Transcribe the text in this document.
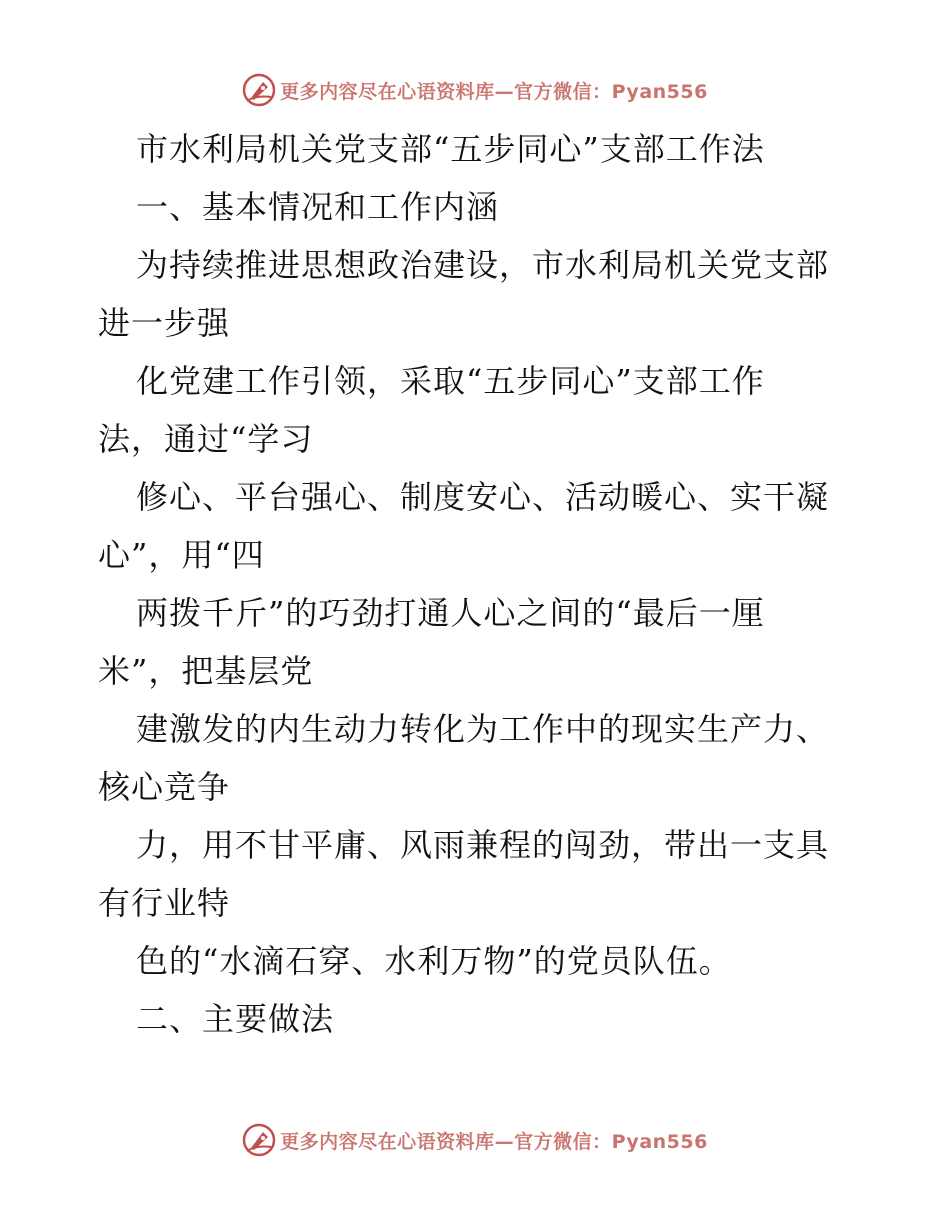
更多内容尽在心语资料库—官方微信：Pyan556
市水利局机关党支部“五步同心”支部工作法
一、基本情况和工作内涵
为持续推进思想政治建设，市水利局机关党支部
进一步强
化党建工作引领，采取“五步同心”支部工作
法，通过“学习
修心、平台强心、制度安心、活动暖心、实干凝
心”，用“四
两拨千斤”的巧劲打通人心之间的“最后一厘
米”，把基层党
建激发的内生动力转化为工作中的现实生产力、
核心竞争
力，用不甘平庸、风雨兼程的闯劲，带出一支具
有行业特
色的“水滴石穿、水利万物”的党员队伍。
二、主要做法
更多内容尽在心语资料库—官方微信：Pyan556
